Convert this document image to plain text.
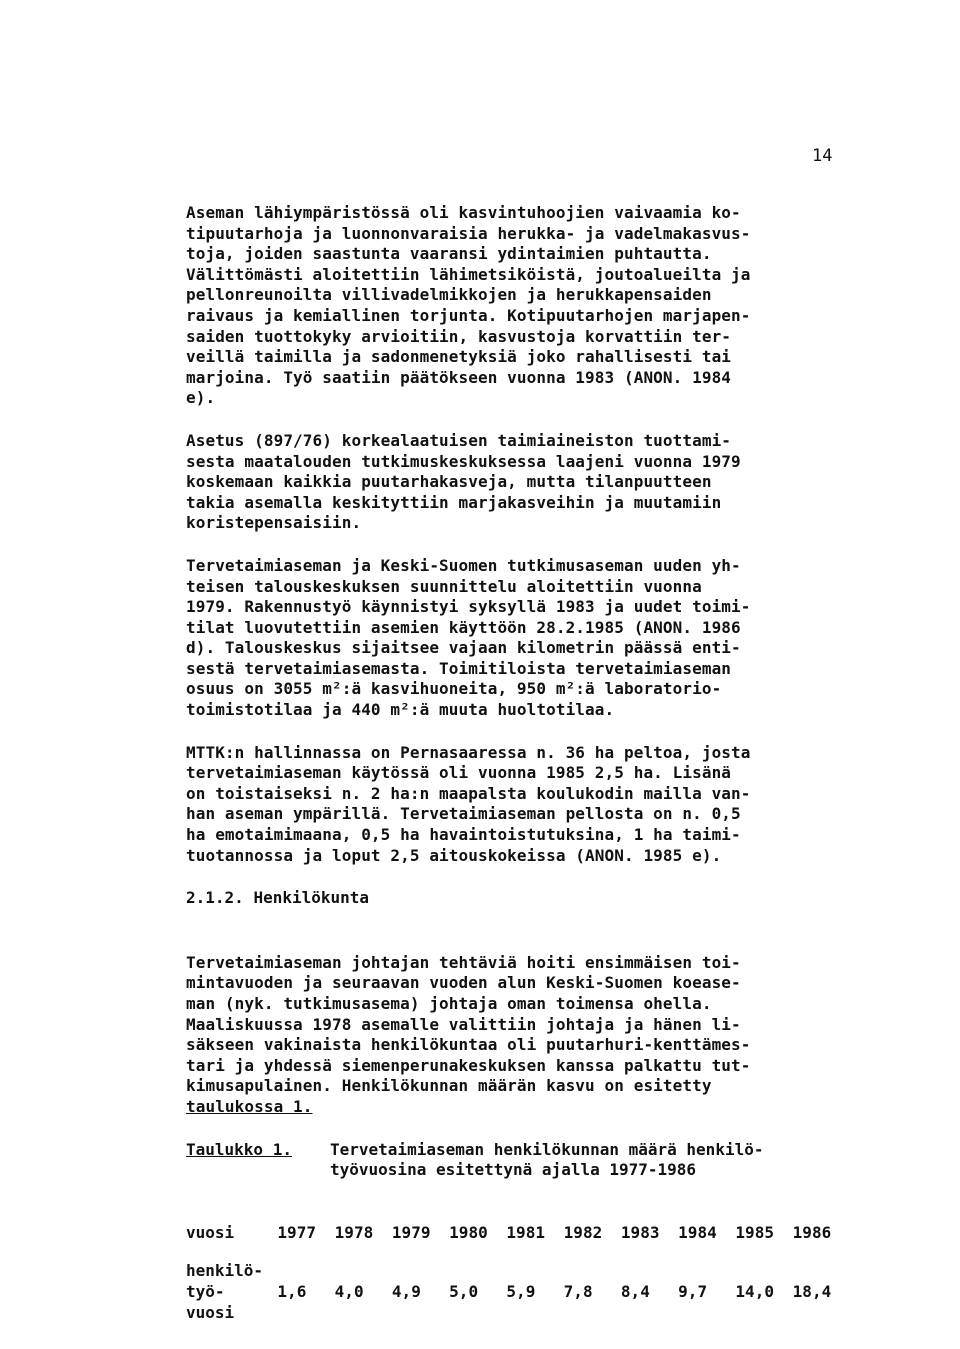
14

Aseman lähiympäristössä oli kasvintuhoojien vaivaamia ko-
tipuutarhoja ja luonnonvaraisia herukka- ja vadelmakasvus-
toja, joiden saastunta vaaransi ydintaimien puhtautta.
Välittömästi aloitettiin lähimetsiköistä, joutoalueilta ja
pellonreunoilta villivadelmikkojen ja herukkapensaiden
raivaus ja kemiallinen torjunta. Kotipuutarhojen marjapen-
saiden tuottokyky arvioitiin, kasvustoja korvattiin ter-
veillä taimilla ja sadonmenetyksiä joko rahallisesti tai
marjoina. Työ saatiin päätökseen vuonna 1983 (ANON. 1984
e).

Asetus (897/76) korkealaatuisen taimiaineiston tuottami-
sesta maatalouden tutkimuskeskuksessa laajeni vuonna 1979
koskemaan kaikkia puutarhakasveja, mutta tilanpuutteen
takia asemalla keskityttiin marjakasveihin ja muutamiin
koristepensaisiin.

Tervetaimiaseman ja Keski-Suomen tutkimusaseman uuden yh-
teisen talouskeskuksen suunnittelu aloitettiin vuonna
1979. Rakennustyö käynnistyi syksyllä 1983 ja uudet toimi-
tilat luovutettiin asemien käyttöön 28.2.1985 (ANON. 1986
d). Talouskeskus sijaitsee vajaan kilometrin päässä enti-
sestä tervetaimiasemasta. Toimitiloista tervetaimiaseman
osuus on 3055 m²:ä kasvihuoneita, 950 m²:ä laboratorio-
toimistotilaa ja 440 m²:ä muuta huoltotilaa.

MTTK:n hallinnassa on Pernasaaressa n. 36 ha peltoa, josta
tervetaimiaseman käytössä oli vuonna 1985 2,5 ha. Lisänä
on toistaiseksi n. 2 ha:n maapalsta koulukodin mailla van-
han aseman ympärillä. Tervetaimiaseman pellosta on n. 0,5
ha emotaimimaana, 0,5 ha havaintoistutuksina, 1 ha taimi-
tuotannossa ja loput 2,5 aitouskokeissa (ANON. 1985 e).

2.1.2. Henkilökunta

Tervetaimiaseman johtajan tehtäviä hoiti ensimmäisen toi-
mintavuoden ja seuraavan vuoden alun Keski-Suomen koease-
man (nyk. tutkimusasema) johtaja oman toimensa ohella.
Maaliskuussa 1978 asemalle valittiin johtaja ja hänen li-
säkseen vakinaista henkilökuntaa oli puutarhuri-kenttämes-
tari ja yhdessä siemenperunakeskuksen kanssa palkattu tut-
kimusapulainen. Henkilökunnan määrän kasvu on esitetty
taulukossa 1.

Taulukko 1.	Tervetaimiaseman henkilökunnan määrä henkilö-
työvuosina esitettynä ajalla 1977-1986
vuosi	1977	1978	1979	1980	1981	1982	1983	1984	1985	1986
henkilö-
työ-
vuosi	1,6	4,0	4,9	5,0	5,9	7,8	8,4	9,7	14,0	18,4
